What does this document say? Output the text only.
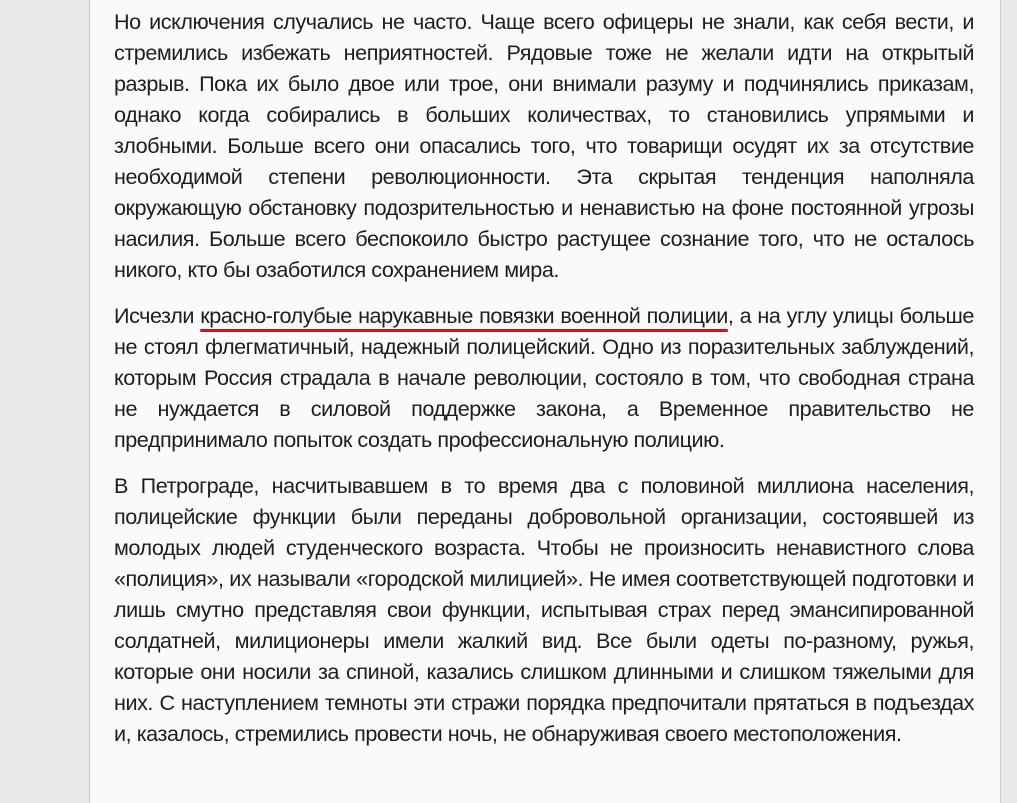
Но исключения случались не часто. Чаще всего офицеры не знали, как себя вести, и стремились избежать неприятностей. Рядовые тоже не желали идти на открытый разрыв. Пока их было двое или трое, они внимали разуму и подчинялись приказам, однако когда собирались в больших количествах, то становились упрямыми и злобными. Больше всего они опасались того, что товарищи осудят их за отсутствие необходимой степени революционности. Эта скрытая тенденция наполняла окружающую обстановку подозрительностью и ненавистью на фоне постоянной угрозы насилия. Больше всего беспокоило быстро растущее сознание того, что не осталось никого, кто бы озаботился сохранением мира.

Исчезли красно-голубые нарукавные повязки военной полиции, а на углу улицы больше не стоял флегматичный, надежный полицейский. Одно из поразительных заблуждений, которым Россия страдала в начале революции, состояло в том, что свободная страна не нуждается в силовой поддержке закона, а Временное правительство не предпринимало попыток создать профессиональную полицию.

В Петрограде, насчитывавшем в то время два с половиной миллиона населения, полицейские функции были переданы добровольной организации, состоявшей из молодых людей студенческого возраста. Чтобы не произносить ненавистного слова «полиция», их называли «городской милицией». Не имея соответствующей подготовки и лишь смутно представляя свои функции, испытывая страх перед эмансипированной солдатней, милиционеры имели жалкий вид. Все были одеты по-разному, ружья, которые они носили за спиной, казались слишком длинными и слишком тяжелыми для них. С наступлением темноты эти стражи порядка предпочитали прятаться в подъездах и, казалось, стремились провести ночь, не обнаруживая своего местоположения.
